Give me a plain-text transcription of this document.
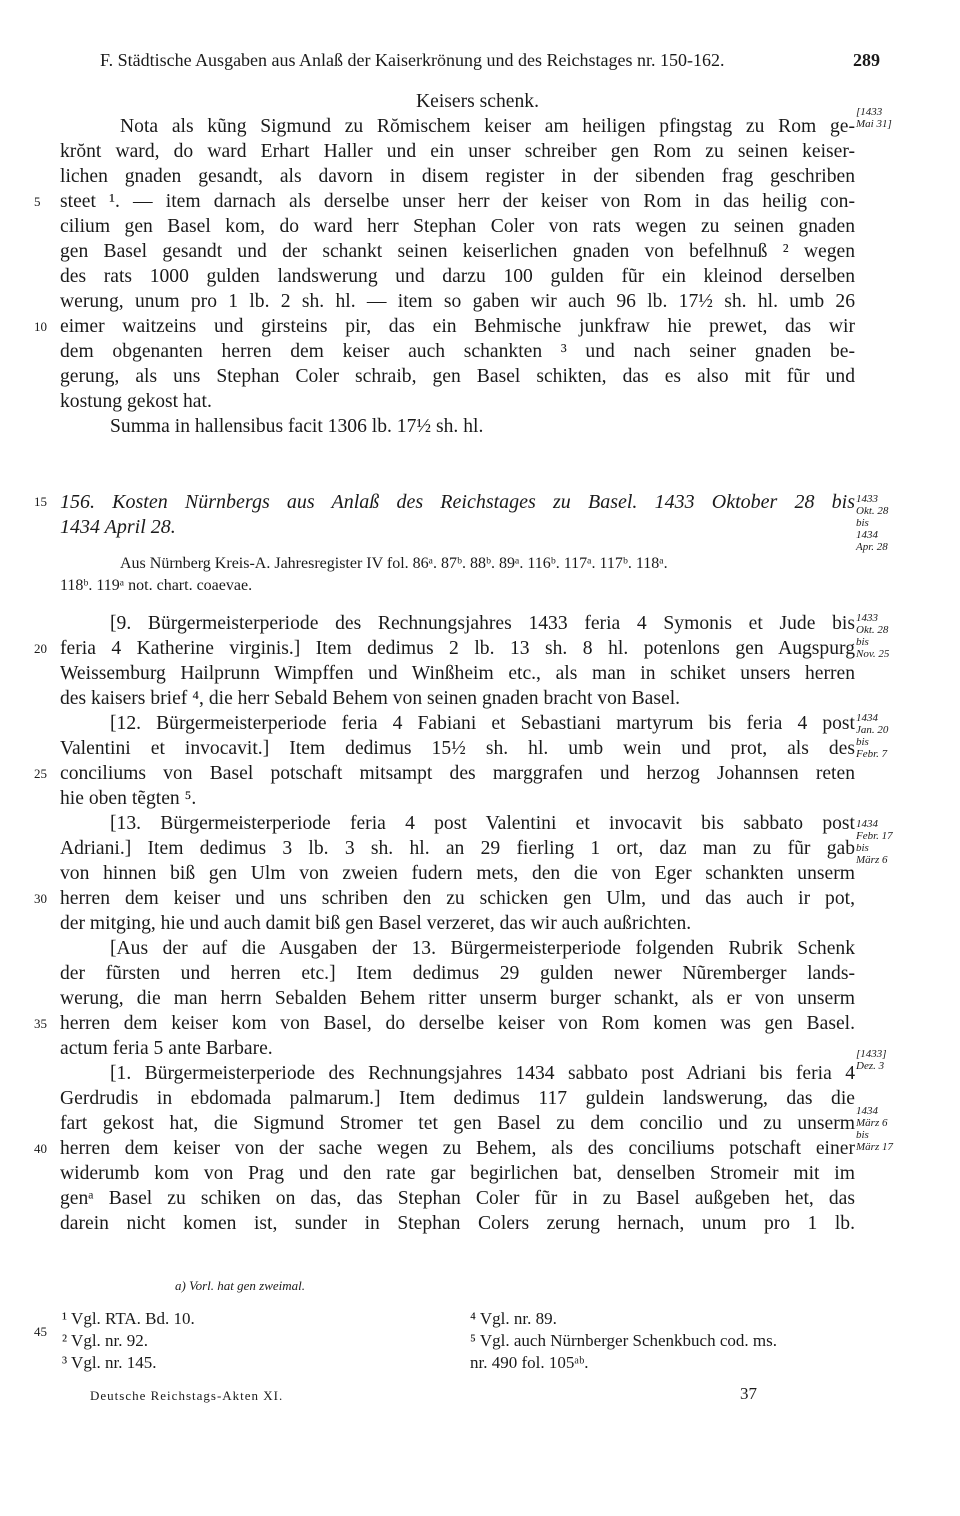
F. Städtische Ausgaben aus Anlaß der Kaiserkrönung und des Reichstages nr. 150-162.	289
Keisers schenk.
Nota als kũng Sigmund zu Rŏmischem keiser am heiligen pfingstag zu Rom ge-
krŏnt ward, do ward Erhart Haller und ein unser schreiber gen Rom zu seinen keiser-
lichen gnaden gesandt, als davorn in disem register in der sibenden frag geschriben
steet ¹. — item darnach als derselbe unser herr der keiser von Rom in das heilig con-
cilium gen Basel kom, do ward herr Stephan Coler von rats wegen zu seinen gnaden
gen Basel gesandt und der schankt seinen keiserlichen gnaden von befelhnuß ² wegen
des rats 1000 gulden landswerung und darzu 100 gulden fũr ein kleinod derselben
werung, unum pro 1 lb. 2 sh. hl. — item so gaben wir auch 96 lb. 17½ sh. hl. umb 26
eimer waitzeins und girsteins pir, das ein Behmische junkfraw hie prewet, das wir
dem obgenanten herren dem keiser auch schankten ³ und nach seiner gnaden be-
gerung, als uns Stephan Coler schraib, gen Basel schikten, das es also mit fũr und
kostung gekost hat.
Summa in hallensibus facit 1306 lb. 17½ sh. hl.
156. Kosten Nürnbergs aus Anlaß des Reichstages zu Basel. 1433 Oktober 28 bis
1434 April 28.
Aus Nürnberg Kreis-A. Jahresregister IV fol. 86ᵃ. 87ᵇ. 88ᵇ. 89ᵃ. 116ᵇ. 117ᵃ. 117ᵇ. 118ᵃ.
118ᵇ. 119ᵃ not. chart. coaevae.
[9. Bürgermeisterperiode des Rechnungsjahres 1433 feria 4 Symonis et Jude bis
feria 4 Katherine virginis.] Item dedimus 2 lb. 13 sh. 8 hl. potenlons gen Augspurg
Weissemburg Hailprunn Wimpffen und Winßheim etc., als man in schiket unsers herren
des kaisers brief ⁴, die herr Sebald Behem von seinen gnaden bracht von Basel.
[12. Bürgermeisterperiode feria 4 Fabiani et Sebastiani martyrum bis feria 4 post
Valentini et invocavit.] Item dedimus 15½ sh. hl. umb wein und prot, als des
conciliums von Basel potschaft mitsampt des marggrafen und herzog Johannsen reten
hie oben tẽgten ⁵.
[13. Bürgermeisterperiode feria 4 post Valentini et invocavit bis sabbato post
Adriani.] Item dedimus 3 lb. 3 sh. hl. an 29 fierling 1 ort, daz man zu fũr gab
von hinnen biß gen Ulm von zweien fudern mets, den die von Eger schankten unserm
herren dem keiser und uns schriben den zu schicken gen Ulm, und das auch ir pot,
der mitging, hie und auch damit biß gen Basel verzeret, das wir auch außrichten.
[Aus der auf die Ausgaben der 13. Bürgermeisterperiode folgenden Rubrik Schenk
der fũrsten und herren etc.] Item dedimus 29 gulden newer Nũremberger lands-
werung, die man herrn Sebalden Behem ritter unserm burger schankt, als er von unserm
herren dem keiser kom von Basel, do derselbe keiser von Rom komen was gen Basel.
actum feria 5 ante Barbare.
[1. Bürgermeisterperiode des Rechnungsjahres 1434 sabbato post Adriani bis feria 4
Gerdrudis in ebdomada palmarum.] Item dedimus 117 guldein landswerung, das die
fart gekost hat, die Sigmund Stromer tet gen Basel zu dem concilio und zu unserm
herren dem keiser von der sache wegen zu Behem, als des conciliums potschaft einer
widerumb kom von Prag und den rate gar begirlichen bat, denselben Stromeir mit im
genᵃ Basel zu schiken on das, das Stephan Coler fũr in zu Basel außgeben het, das
darein nicht komen ist, sunder in Stephan Colers zerung hernach, unum pro 1 lb.
5
10
15
20
25
30
35
40
45
[1433
Mai 31]
1433
Okt. 28
bis
1434
Apr. 28
1433
Okt. 28
bis
Nov. 25
1434
Jan. 20
bis
Febr. 7
1434
Febr. 17
bis
März 6
[1433]
Dez. 3
1434
März 6
bis
März 17
a) Vorl. hat gen zweimal.
¹ Vgl. RTA. Bd. 10.
² Vgl. nr. 92.
³ Vgl. nr. 145.
⁴ Vgl. nr. 89.
⁵ Vgl. auch Nürnberger Schenkbuch cod. ms.
nr. 490 fol. 105ᵃᵇ.
Deutsche Reichstags-Akten XI.	37
